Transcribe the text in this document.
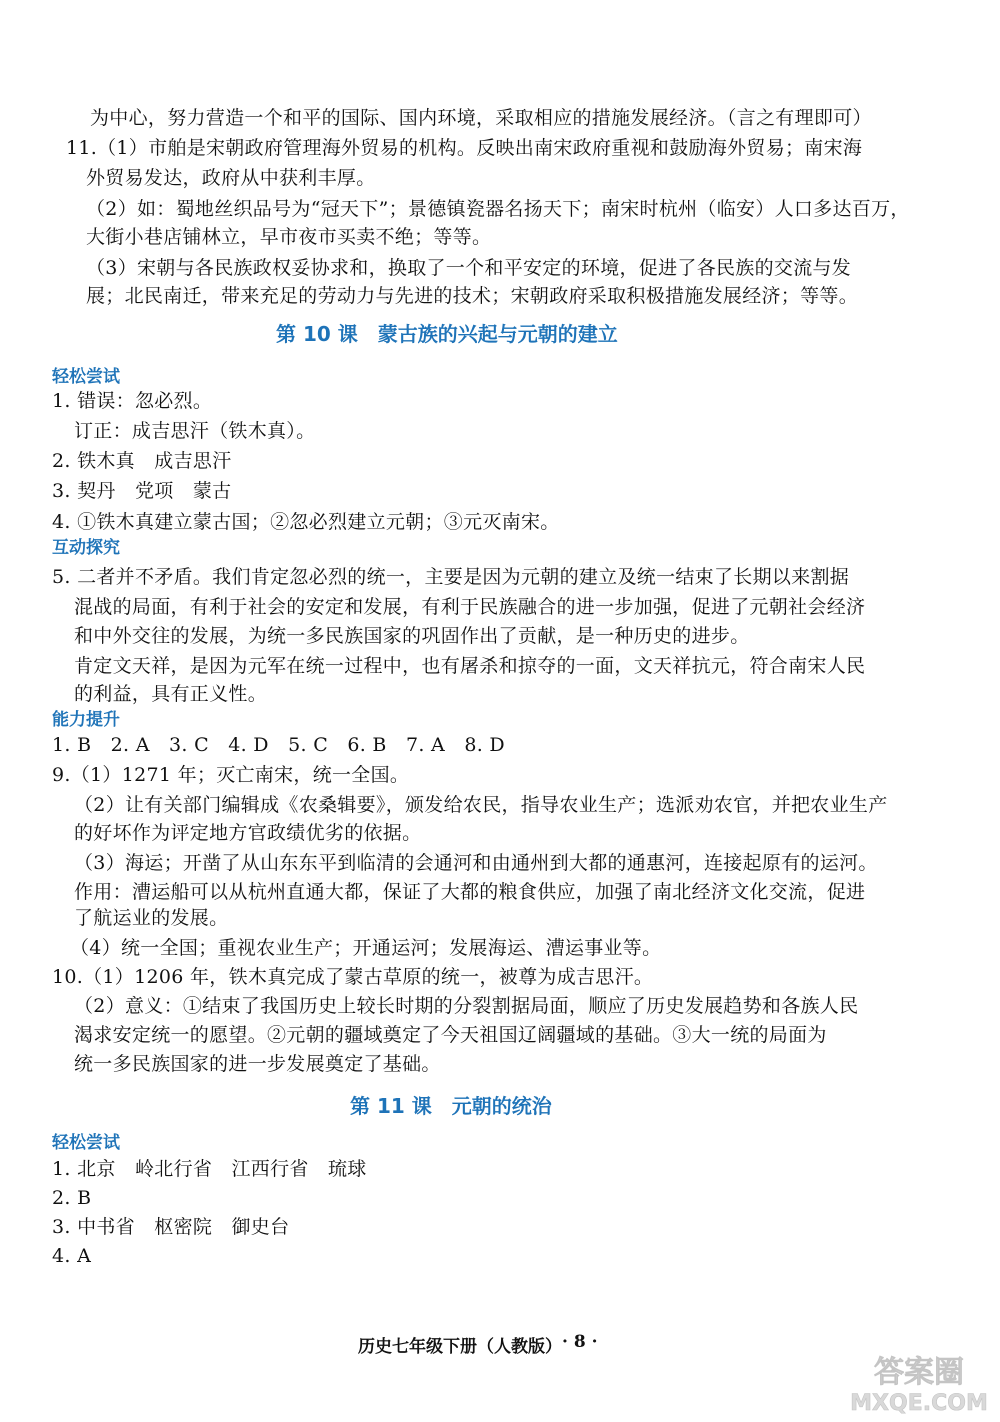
为中心，努力营造一个和平的国际、国内环境，采取相应的措施发展经济。（言之有理即可）
11.（1）市舶是宋朝政府管理海外贸易的机构。反映出南宋政府重视和鼓励海外贸易；南宋海
外贸易发达，政府从中获利丰厚。
（2）如：蜀地丝织品号为“冠天下”；景德镇瓷器名扬天下；南宋时杭州（临安）人口多达百万，
大街小巷店铺林立，早市夜市买卖不绝；等等。
（3）宋朝与各民族政权妥协求和，换取了一个和平安定的环境，促进了各民族的交流与发
展；北民南迁，带来充足的劳动力与先进的技术；宋朝政府采取积极措施发展经济；等等。
第 10 课　蒙古族的兴起与元朝的建立
轻松尝试
1. 错误：忽必烈。
订正：成吉思汗（铁木真）。
2. 铁木真　成吉思汗
3. 契丹　党项　蒙古
4. ①铁木真建立蒙古国；②忽必烈建立元朝；③元灭南宋。
互动探究
5. 二者并不矛盾。我们肯定忽必烈的统一，主要是因为元朝的建立及统一结束了长期以来割据
混战的局面，有利于社会的安定和发展，有利于民族融合的进一步加强，促进了元朝社会经济
和中外交往的发展，为统一多民族国家的巩固作出了贡献，是一种历史的进步。
肯定文天祥，是因为元军在统一过程中，也有屠杀和掠夺的一面，文天祥抗元，符合南宋人民
的利益，具有正义性。
能力提升
1. B　2. A　3. C　4. D　5. C　6. B　7. A　8. D
9.（1）1271 年；灭亡南宋，统一全国。
（2）让有关部门编辑成《农桑辑要》，颁发给农民，指导农业生产；选派劝农官，并把农业生产
的好坏作为评定地方官政绩优劣的依据。
（3）海运；开凿了从山东东平到临清的会通河和由通州到大都的通惠河，连接起原有的运河。
作用：漕运船可以从杭州直通大都，保证了大都的粮食供应，加强了南北经济文化交流，促进
了航运业的发展。
（4）统一全国；重视农业生产；开通运河；发展海运、漕运事业等。
10.（1）1206 年，铁木真完成了蒙古草原的统一，被尊为成吉思汗。
（2）意义：①结束了我国历史上较长时期的分裂割据局面，顺应了历史发展趋势和各族人民
渴求安定统一的愿望。②元朝的疆域奠定了今天祖国辽阔疆域的基础。③大一统的局面为
统一多民族国家的进一步发展奠定了基础。
第 11 课　元朝的统治
轻松尝试
1. 北京　岭北行省　江西行省　琉球
2. B
3. 中书省　枢密院　御史台
4. A
历史七年级下册（人教版） · 8 ·
答案圈
MXQE.COM
